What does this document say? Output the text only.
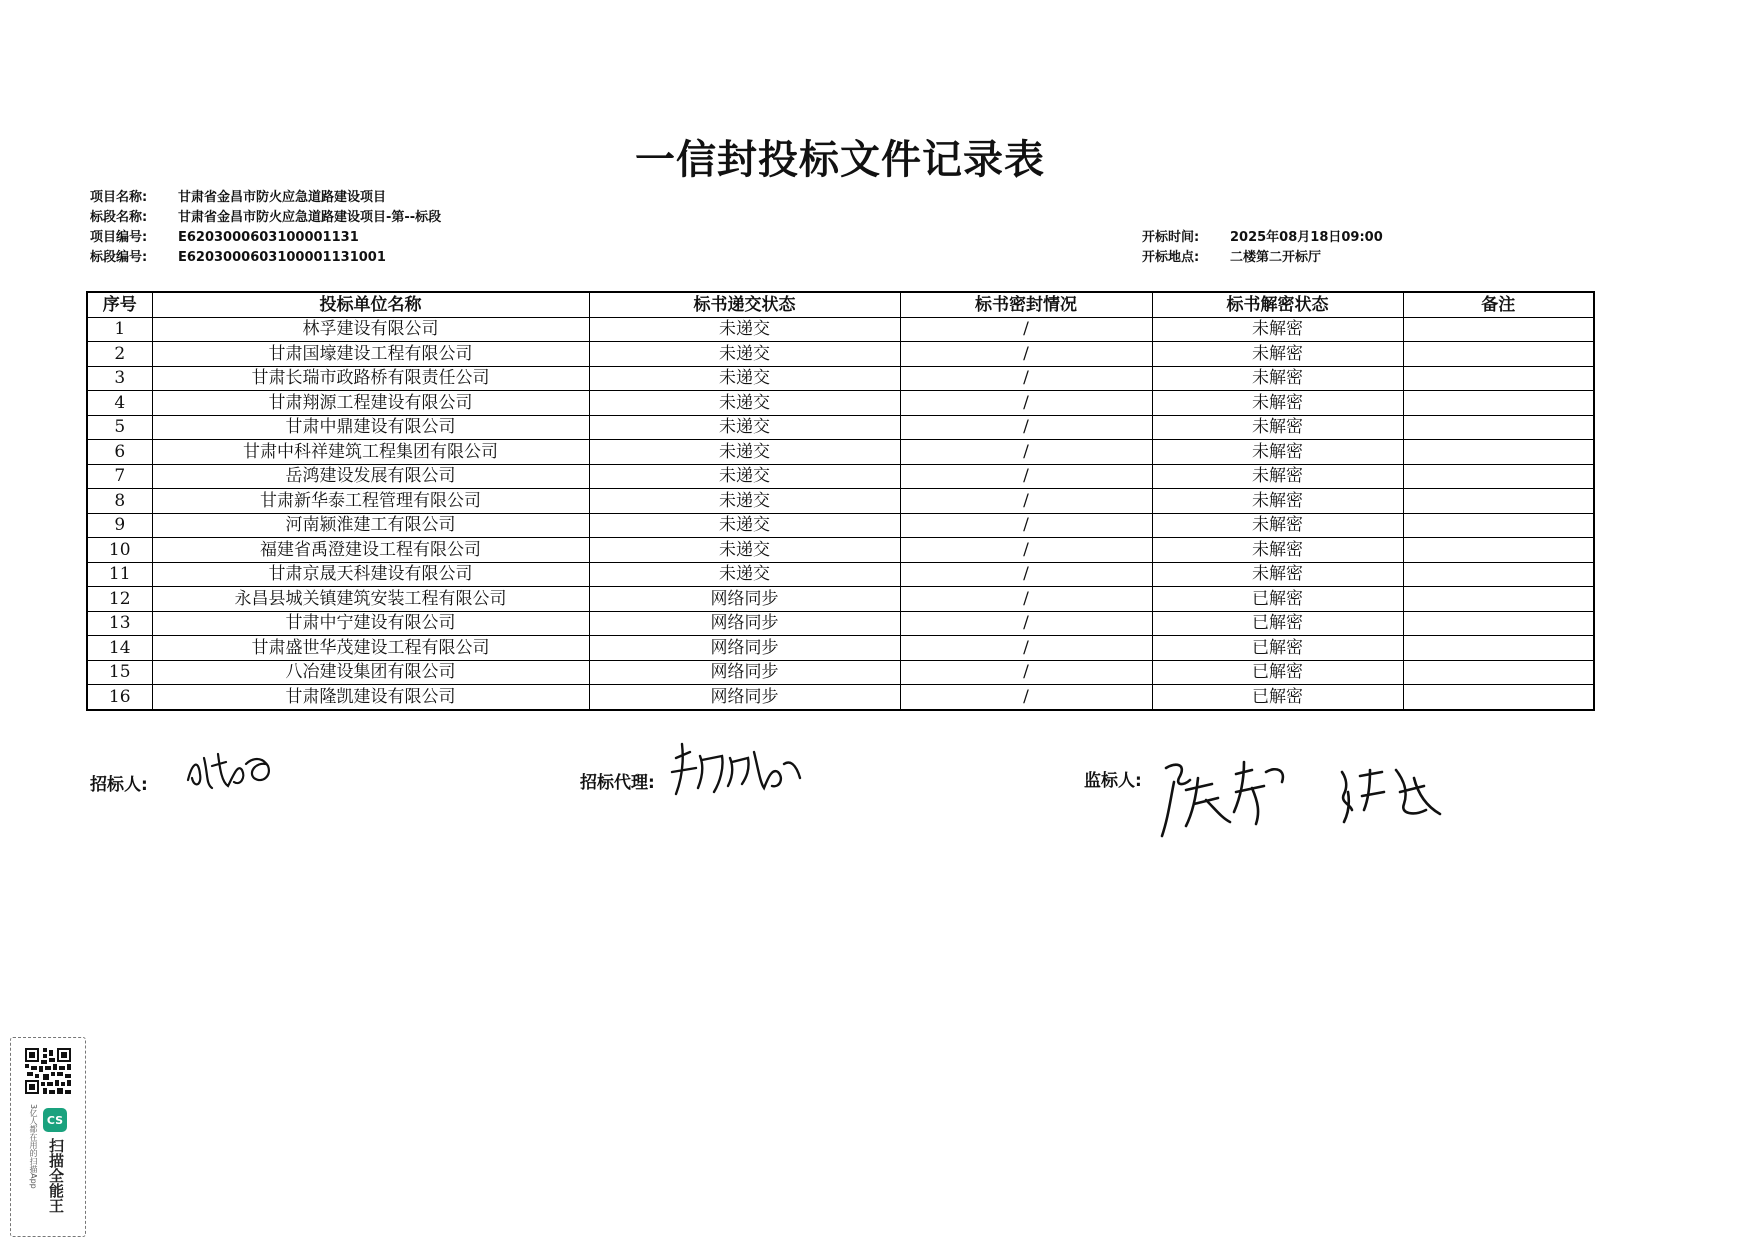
一信封投标文件记录表
项目名称:	甘肃省金昌市防火应急道路建设项目
标段名称:	甘肃省金昌市防火应急道路建设项目-第--标段
项目编号:	E6203000603100001131
标段编号:	E6203000603100001131001
开标时间:	2025年08月18日09:00
开标地点:	二楼第二开标厅
序号	投标单位名称	标书递交状态	标书密封情况	标书解密状态	备注
1	林孚建设有限公司	未递交	/	未解密	
2	甘肃国壕建设工程有限公司	未递交	/	未解密	
3	甘肃长瑞市政路桥有限责任公司	未递交	/	未解密	
4	甘肃翔源工程建设有限公司	未递交	/	未解密	
5	甘肃中鼎建设有限公司	未递交	/	未解密	
6	甘肃中科祥建筑工程集团有限公司	未递交	/	未解密	
7	岳鸿建设发展有限公司	未递交	/	未解密	
8	甘肃新华泰工程管理有限公司	未递交	/	未解密	
9	河南颍淮建工有限公司	未递交	/	未解密	
10	福建省禹澄建设工程有限公司	未递交	/	未解密	
11	甘肃京晟天科建设有限公司	未递交	/	未解密	
12	永昌县城关镇建筑安装工程有限公司	网络同步	/	已解密	
13	甘肃中宁建设有限公司	网络同步	/	已解密	
14	甘肃盛世华茂建设工程有限公司	网络同步	/	已解密	
15	八冶建设集团有限公司	网络同步	/	已解密	
16	甘肃隆凯建设有限公司	网络同步	/	已解密	
招标人:	招标代理:	监标人:
3亿人都在用的扫描App CS
扫描全能王
